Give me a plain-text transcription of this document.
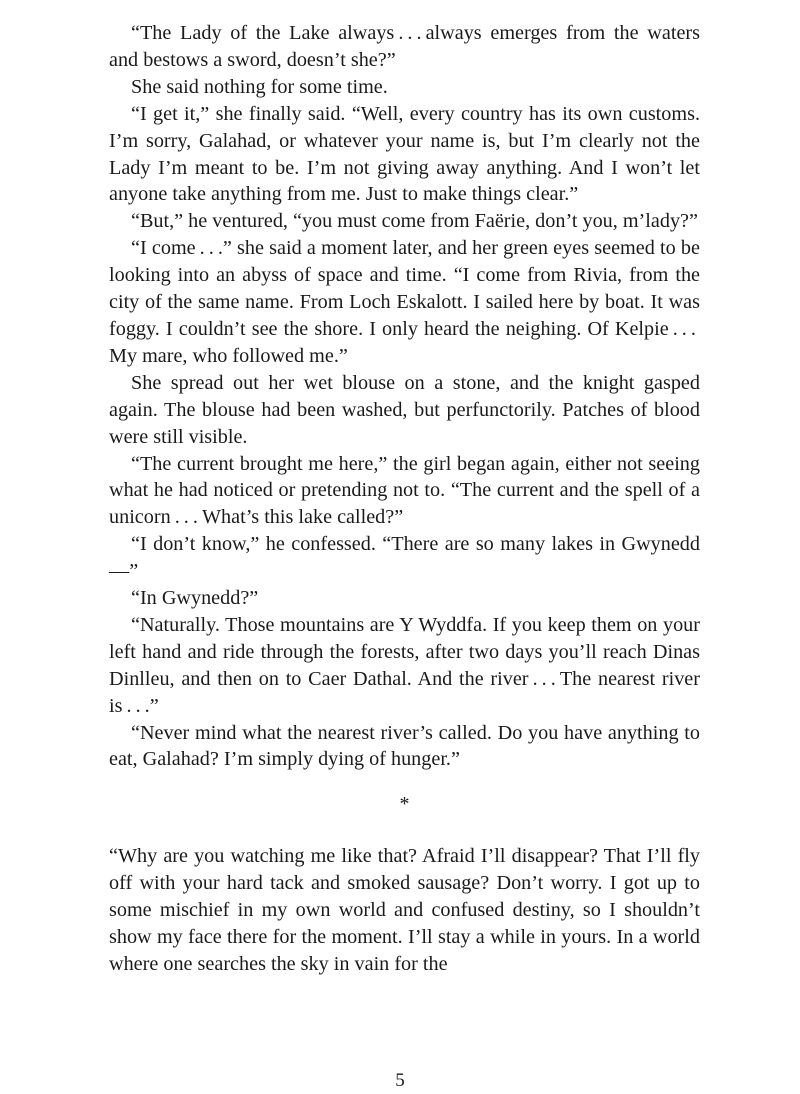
“The Lady of the Lake always . . . always emerges from the waters and bestows a sword, doesn’t she?”

She said nothing for some time.

“I get it,” she finally said. “Well, every country has its own customs. I’m sorry, Galahad, or whatever your name is, but I’m clearly not the Lady I’m meant to be. I’m not giving away anything. And I won’t let anyone take anything from me. Just to make things clear.”

“But,” he ventured, “you must come from Faërie, don’t you, m’lady?”

“I come . . .” she said a moment later, and her green eyes seemed to be looking into an abyss of space and time. “I come from Rivia, from the city of the same name. From Loch Eskalott. I sailed here by boat. It was foggy. I couldn’t see the shore. I only heard the neighing. Of Kelpie . . . My mare, who followed me.”

She spread out her wet blouse on a stone, and the knight gasped again. The blouse had been washed, but perfunctorily. Patches of blood were still visible.

“The current brought me here,” the girl began again, either not seeing what he had noticed or pretending not to. “The current and the spell of a unicorn . . . What’s this lake called?”

“I don’t know,” he confessed. “There are so many lakes in Gwynedd—”

“In Gwynedd?”

“Naturally. Those mountains are Y Wyddfa. If you keep them on your left hand and ride through the forests, after two days you’ll reach Dinas Dinlleu, and then on to Caer Dathal. And the river . . . The nearest river is . . .”

“Never mind what the nearest river’s called. Do you have anything to eat, Galahad? I’m simply dying of hunger.”

*

“Why are you watching me like that? Afraid I’ll disappear? That I’ll fly off with your hard tack and smoked sausage? Don’t worry. I got up to some mischief in my own world and confused destiny, so I shouldn’t show my face there for the moment. I’ll stay a while in yours. In a world where one searches the sky in vain for the

5
